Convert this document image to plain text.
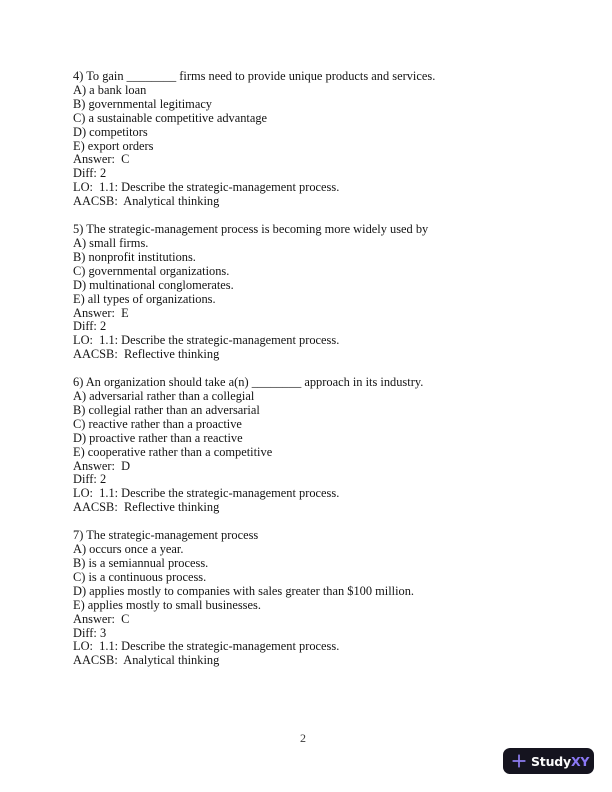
4) To gain ________ firms need to provide unique products and services.
A) a bank loan
B) governmental legitimacy
C) a sustainable competitive advantage
D) competitors
E) export orders
Answer:  C
Diff: 2
LO:  1.1: Describe the strategic-management process.
AACSB:  Analytical thinking
5) The strategic-management process is becoming more widely used by
A) small firms.
B) nonprofit institutions.
C) governmental organizations.
D) multinational conglomerates.
E) all types of organizations.
Answer:  E
Diff: 2
LO:  1.1: Describe the strategic-management process.
AACSB:  Reflective thinking
6) An organization should take a(n) ________ approach in its industry.
A) adversarial rather than a collegial
B) collegial rather than an adversarial
C) reactive rather than a proactive
D) proactive rather than a reactive
E) cooperative rather than a competitive
Answer:  D
Diff: 2
LO:  1.1: Describe the strategic-management process.
AACSB:  Reflective thinking
7) The strategic-management process
A) occurs once a year.
B) is a semiannual process.
C) is a continuous process.
D) applies mostly to companies with sales greater than $100 million.
E) applies mostly to small businesses.
Answer:  C
Diff: 3
LO:  1.1: Describe the strategic-management process.
AACSB:  Analytical thinking
2
StudyXY
